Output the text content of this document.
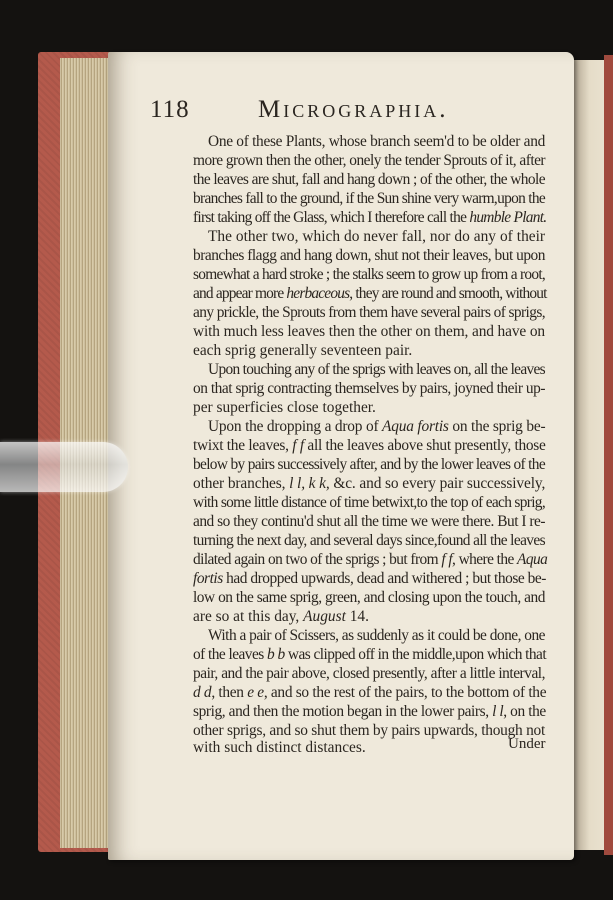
118	Micrographia.
One of these Plants, whose branch seem'd to be older and
more grown then the other, onely the tender Sprouts of it, after
the leaves are shut, fall and hang down ; of the other, the whole
branches fall to the ground, if the Sun shine very warm,upon the
first taking off the Glass, which I therefore call the humble Plant.
The other two, which do never fall, nor do any of their
branches flagg and hang down, shut not their leaves, but upon
somewhat a hard stroke ; the stalks seem to grow up from a root,
and appear more herbaceous, they are round and smooth, without
any prickle, the Sprouts from them have several pairs of sprigs,
with much less leaves then the other on them, and have on
each sprig generally seventeen pair.
Upon touching any of the sprigs with leaves on, all the leaves
on that sprig contracting themselves by pairs, joyned their up-
per superficies close together.
Upon the dropping a drop of Aqua fortis on the sprig be-
twixt the leaves, f f all the leaves above shut presently, those
below by pairs successively after, and by the lower leaves of the
other branches, l l, k k, &c. and so every pair successively,
with some little distance of time betwixt,to the top of each sprig,
and so they continu'd shut all the time we were there. But I re-
turning the next day, and several days since,found all the leaves
dilated again on two of the sprigs ; but from f f, where the Aqua
fortis had dropped upwards, dead and withered ; but those be-
low on the same sprig, green, and closing upon the touch, and
are so at this day, August 14.
With a pair of Scissers, as suddenly as it could be done, one
of the leaves b b was clipped off in the middle,upon which that
pair, and the pair above, closed presently, after a little interval,
d d, then e e, and so the rest of the pairs, to the bottom of the
sprig, and then the motion began in the lower pairs, l l, on the
other sprigs, and so shut them by pairs upwards, though not
with such distinct distances.	Under
